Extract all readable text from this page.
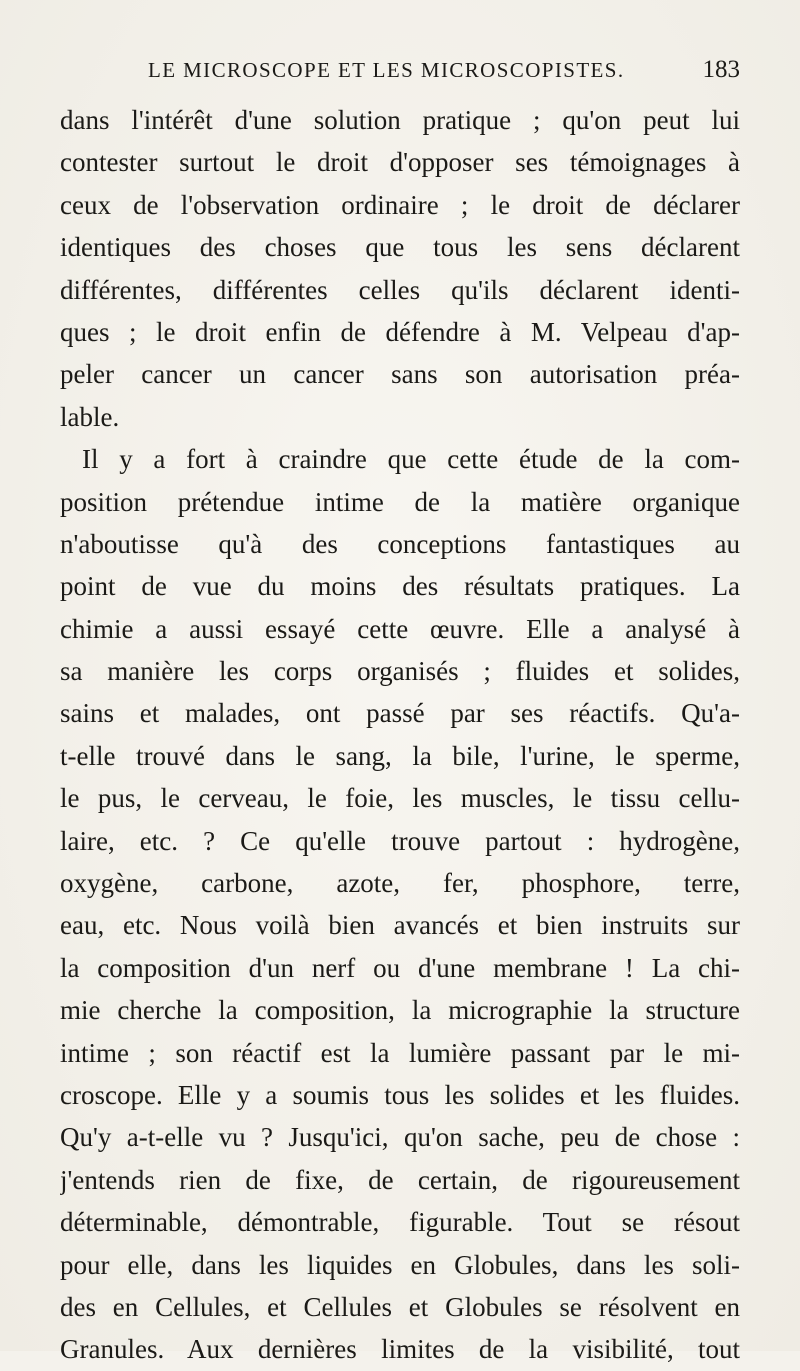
LE MICROSCOPE ET LES MICROSCOPISTES.	183
dans l'intérêt d'une solution pratique ; qu'on peut lui
contester surtout le droit d'opposer ses témoignages à
ceux de l'observation ordinaire ; le droit de déclarer
identiques des choses que tous les sens déclarent
différentes, différentes celles qu'ils déclarent identi-
ques ; le droit enfin de défendre à M. Velpeau d'ap-
peler cancer un cancer sans son autorisation préa-
lable.
Il y a fort à craindre que cette étude de la com-
position prétendue intime de la matière organique
n'aboutisse qu'à des conceptions fantastiques au
point de vue du moins des résultats pratiques. La
chimie a aussi essayé cette œuvre. Elle a analysé à
sa manière les corps organisés ; fluides et solides,
sains et malades, ont passé par ses réactifs. Qu'a-
t-elle trouvé dans le sang, la bile, l'urine, le sperme,
le pus, le cerveau, le foie, les muscles, le tissu cellu-
laire, etc. ? Ce qu'elle trouve partout : hydrogène,
oxygène, carbone, azote, fer, phosphore, terre,
eau, etc. Nous voilà bien avancés et bien instruits sur
la composition d'un nerf ou d'une membrane ! La chi-
mie cherche la composition, la micrographie la structure
intime ; son réactif est la lumière passant par le mi-
croscope. Elle y a soumis tous les solides et les fluides.
Qu'y a-t-elle vu ? Jusqu'ici, qu'on sache, peu de chose :
j'entends rien de fixe, de certain, de rigoureusement
déterminable, démontrable, figurable. Tout se résout
pour elle, dans les liquides en Globules, dans les soli-
des en Cellules, et Cellules et Globules se résolvent en
Granules. Aux dernières limites de la visibilité, tout
